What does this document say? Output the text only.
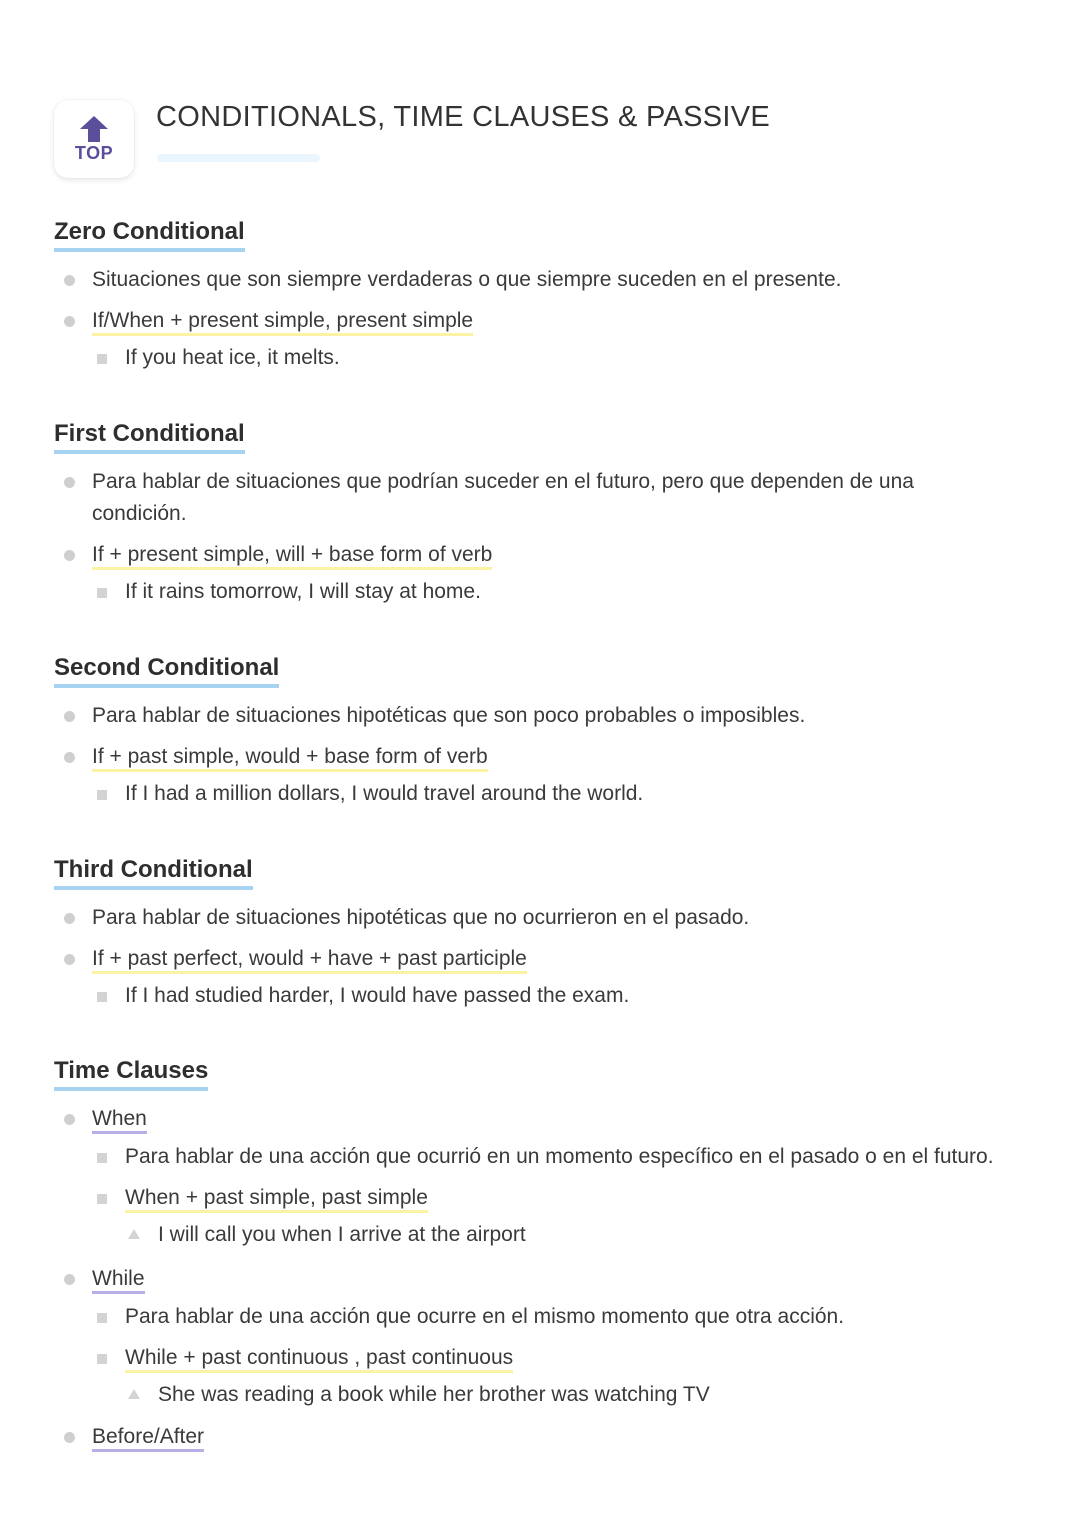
TOP
CONDITIONALS, TIME CLAUSES & PASSIVE
Zero Conditional
Situaciones que son siempre verdaderas o que siempre suceden en el presente.
If/When + present simple, present simple
If you heat ice, it melts.
First Conditional
Para hablar de situaciones que podrían suceder en el futuro, pero que dependen de una condición.
If + present simple, will + base form of verb
If it rains tomorrow, I will stay at home.
Second Conditional
Para hablar de situaciones hipotéticas que son poco probables o imposibles.
If + past simple, would + base form of verb
If I had a million dollars, I would travel around the world.
Third Conditional
Para hablar de situaciones hipotéticas que no ocurrieron en el pasado.
If + past perfect, would + have + past participle
If I had studied harder, I would have passed the exam.
Time Clauses
When
Para hablar de una acción que ocurrió en un momento específico en el pasado o en el futuro.
When + past simple, past simple
I will call you when I arrive at the airport
While
Para hablar de una acción que ocurre en el mismo momento que otra acción.
While + past continuous , past continuous
She was reading a book while her brother was watching TV
Before/After
